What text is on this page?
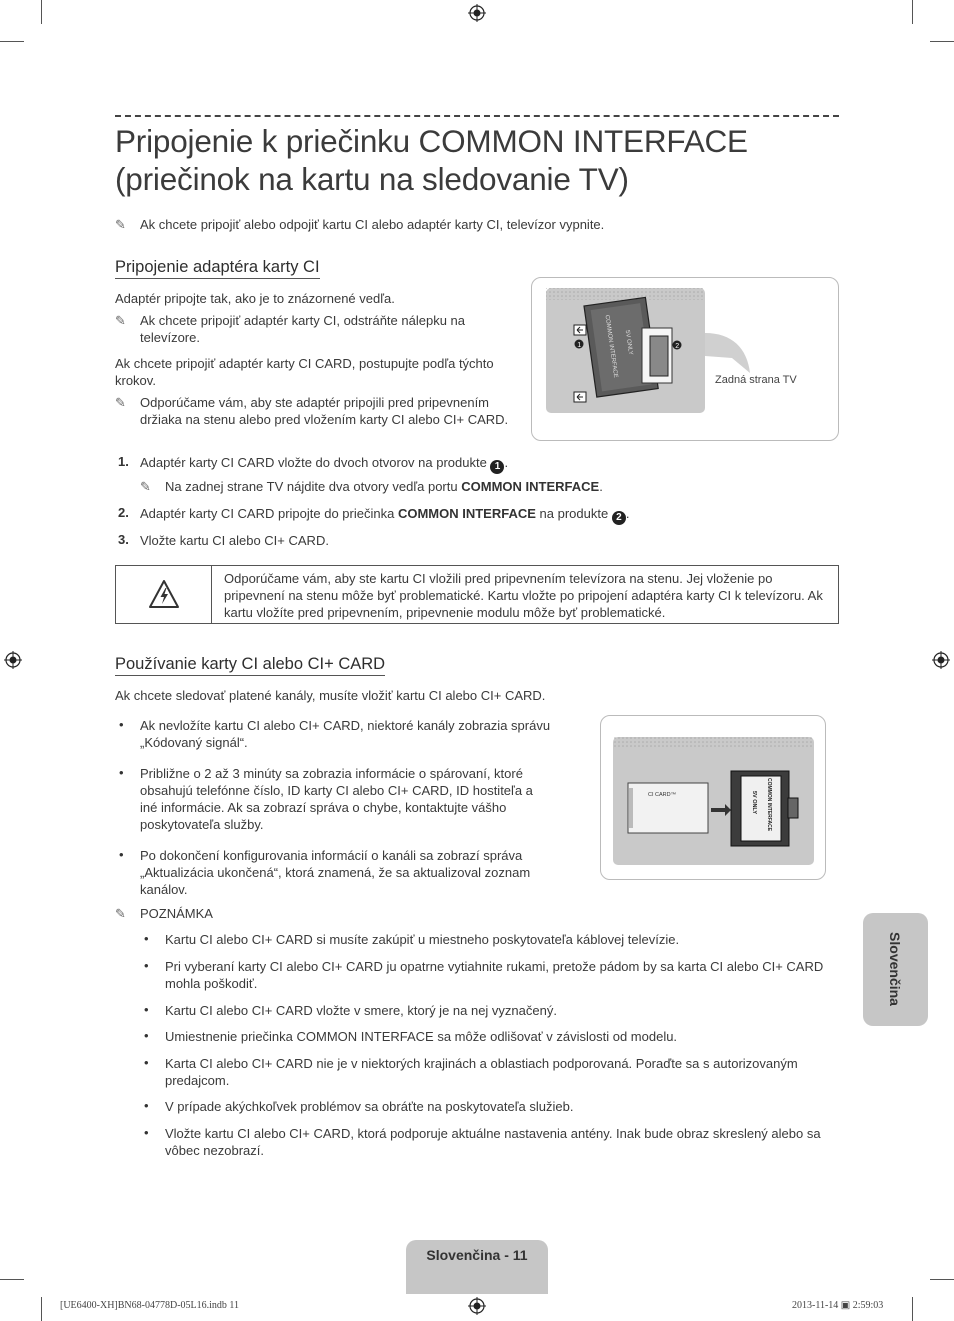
Pripojenie k priečinku COMMON INTERFACE
(priečinok na kartu na sledovanie TV)
✎ Ak chcete pripojiť alebo odpojiť kartu CI alebo adaptér karty CI, televízor vypnite.
Pripojenie adaptéra karty CI
Adaptér pripojte tak, ako je to znázornené vedľa.
✎ Ak chcete pripojiť adaptér karty CI, odstráňte nálepku na televízore.
Ak chcete pripojiť adaptér karty CI CARD, postupujte podľa týchto krokov.
✎ Odporúčame vám, aby ste adaptér pripojili pred pripevnením držiaka na stenu alebo pred vložením karty CI alebo CI+ CARD.
COMMON INTERFACE 5V ONLY
1	2
Zadná strana TV
1. Adaptér karty CI CARD vložte do dvoch otvorov na produkte 1 .
✎ Na zadnej strane TV nájdite dva otvory vedľa portu COMMON INTERFACE.
2. Adaptér karty CI CARD pripojte do priečinka COMMON INTERFACE na produkte 2 .
3. Vložte kartu CI alebo CI+ CARD.
Odporúčame vám, aby ste kartu CI vložili pred pripevnením televízora na stenu. Jej vloženie po pripevnení na stenu môže byť problematické. Kartu vložte po pripojení adaptéra karty CI k televízoru. Ak kartu vložíte pred pripevnením, pripevnenie modulu môže byť problematické.
Používanie karty CI alebo CI+ CARD
Ak chcete sledovať platené kanály, musíte vložiť kartu CI alebo CI+ CARD.
• Ak nevložíte kartu CI alebo CI+ CARD, niektoré kanály zobrazia správu „Kódovaný signál“.
• Približne o 2 až 3 minúty sa zobrazia informácie o spárovaní, ktoré obsahujú telefónne číslo, ID karty CI alebo CI+ CARD, ID hostiteľa a iné informácie. Ak sa zobrazí správa o chybe, kontaktujte vášho poskytovateľa služby.
• Po dokončení konfigurovania informácií o kanáli sa zobrazí správa „Aktualizácia ukončená“, ktorá znamená, že sa aktualizoval zoznam kanálov.
CI CARD™	COMMON INTERFACE
5V ONLY
✎ POZNÁMKA
• Kartu CI alebo CI+ CARD si musíte zakúpiť u miestneho poskytovateľa káblovej televízie.
• Pri vyberaní karty CI alebo CI+ CARD ju opatrne vytiahnite rukami, pretože pádom by sa karta CI alebo CI+ CARD mohla poškodiť.
• Kartu CI alebo CI+ CARD vložte v smere, ktorý je na nej vyznačený.
• Umiestnenie priečinka COMMON INTERFACE sa môže odlišovať v závislosti od modelu.
• Karta CI alebo CI+ CARD nie je v niektorých krajinách a oblastiach podporovaná. Poraďte sa s autorizovaným predajcom.
• V prípade akýchkoľvek problémov sa obráťte na poskytovateľa služieb.
• Vložte kartu CI alebo CI+ CARD, ktorá podporuje aktuálne nastavenia antény. Inak bude obraz skreslený alebo sa vôbec nezobrazí.
Slovenčina
Slovenčina - 11
[UE6400-XH]BN68-04778D-05L16.indb 11	2013-11-14 ▣ 2:59:03
